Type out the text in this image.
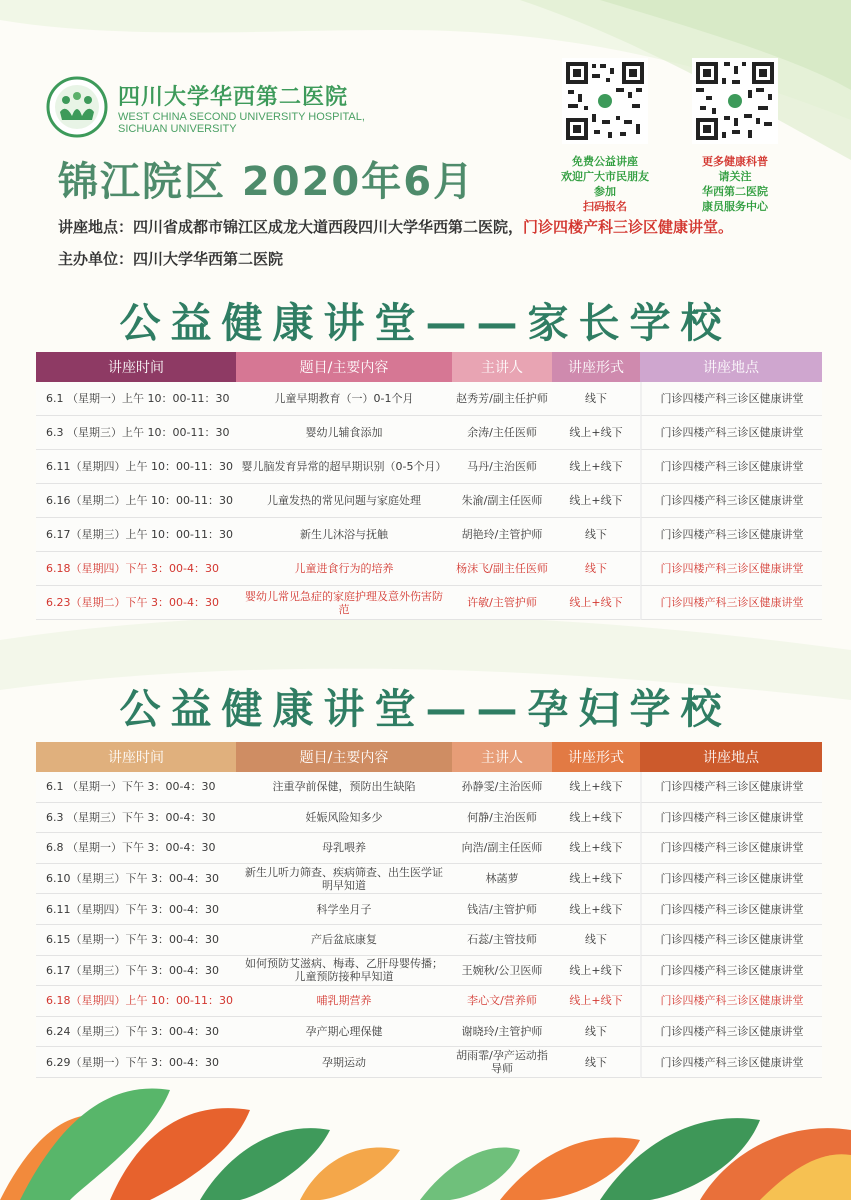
四川大学华西第二医院
WEST CHINA SECOND UNIVERSITY HOSPITAL,
SICHUAN UNIVERSITY
免费公益讲座
欢迎广大市民朋友参加
扫码报名
更多健康科普
请关注
华西第二医院
康员服务中心
锦江院区 2020年6月
讲座地点：四川省成都市锦江区成龙大道西段四川大学华西第二医院，门诊四楼产科三诊区健康讲堂。
主办单位：四川大学华西第二医院
公益健康讲堂——家长学校
讲座时间	题目/主要内容	主讲人	讲座形式	讲座地点
6.1 （星期一）上午 10：00-11：30	儿童早期教育（一）0-1个月	赵秀芳/副主任护师	线下	门诊四楼产科三诊区健康讲堂
6.3 （星期三）上午 10：00-11：30	婴幼儿辅食添加	余涛/主任医师	线上+线下	门诊四楼产科三诊区健康讲堂
6.11（星期四）上午 10：00-11：30	婴儿脑发育异常的超早期识别（0-5个月）	马丹/主治医师	线上+线下	门诊四楼产科三诊区健康讲堂
6.16（星期二）上午 10：00-11：30	儿童发热的常见问题与家庭处理	朱渝/副主任医师	线上+线下	门诊四楼产科三诊区健康讲堂
6.17（星期三）上午 10：00-11：30	新生儿沐浴与抚触	胡艳玲/主管护师	线下	门诊四楼产科三诊区健康讲堂
6.18（星期四）下午 3：00-4：30	儿童进食行为的培养	杨沫飞/副主任医师	线下	门诊四楼产科三诊区健康讲堂
6.23（星期二）下午 3：00-4：30	婴幼儿常见急症的家庭护理及意外伤害防范	许敏/主管护师	线上+线下	门诊四楼产科三诊区健康讲堂
公益健康讲堂——孕妇学校
讲座时间	题目/主要内容	主讲人	讲座形式	讲座地点
6.1 （星期一）下午 3：00-4：30	注重孕前保健，预防出生缺陷	孙静雯/主治医师	线上+线下	门诊四楼产科三诊区健康讲堂
6.3 （星期三）下午 3：00-4：30	妊娠风险知多少	何静/主治医师	线上+线下	门诊四楼产科三诊区健康讲堂
6.8 （星期一）下午 3：00-4：30	母乳喂养	向浩/副主任医师	线上+线下	门诊四楼产科三诊区健康讲堂
6.10（星期三）下午 3：00-4：30	新生儿听力筛查、疾病筛查、出生医学证明早知道	林菡萝	线上+线下	门诊四楼产科三诊区健康讲堂
6.11（星期四）下午 3：00-4：30	科学坐月子	钱洁/主管护师	线上+线下	门诊四楼产科三诊区健康讲堂
6.15（星期一）下午 3：00-4：30	产后盆底康复	石蕊/主管技师	线下	门诊四楼产科三诊区健康讲堂
6.17（星期三）下午 3：00-4：30	如何预防艾滋病、梅毒、乙肝母婴传播；儿童预防接种早知道	王婉秋/公卫医师	线上+线下	门诊四楼产科三诊区健康讲堂
6.18（星期四）上午 10：00-11：30	哺乳期营养	李心文/营养师	线上+线下	门诊四楼产科三诊区健康讲堂
6.24（星期三）下午 3：00-4：30	孕产期心理保健	谢晓玲/主管护师	线下	门诊四楼产科三诊区健康讲堂
6.29（星期一）下午 3：00-4：30	孕期运动	胡雨霏/孕产运动指导师	线下	门诊四楼产科三诊区健康讲堂
